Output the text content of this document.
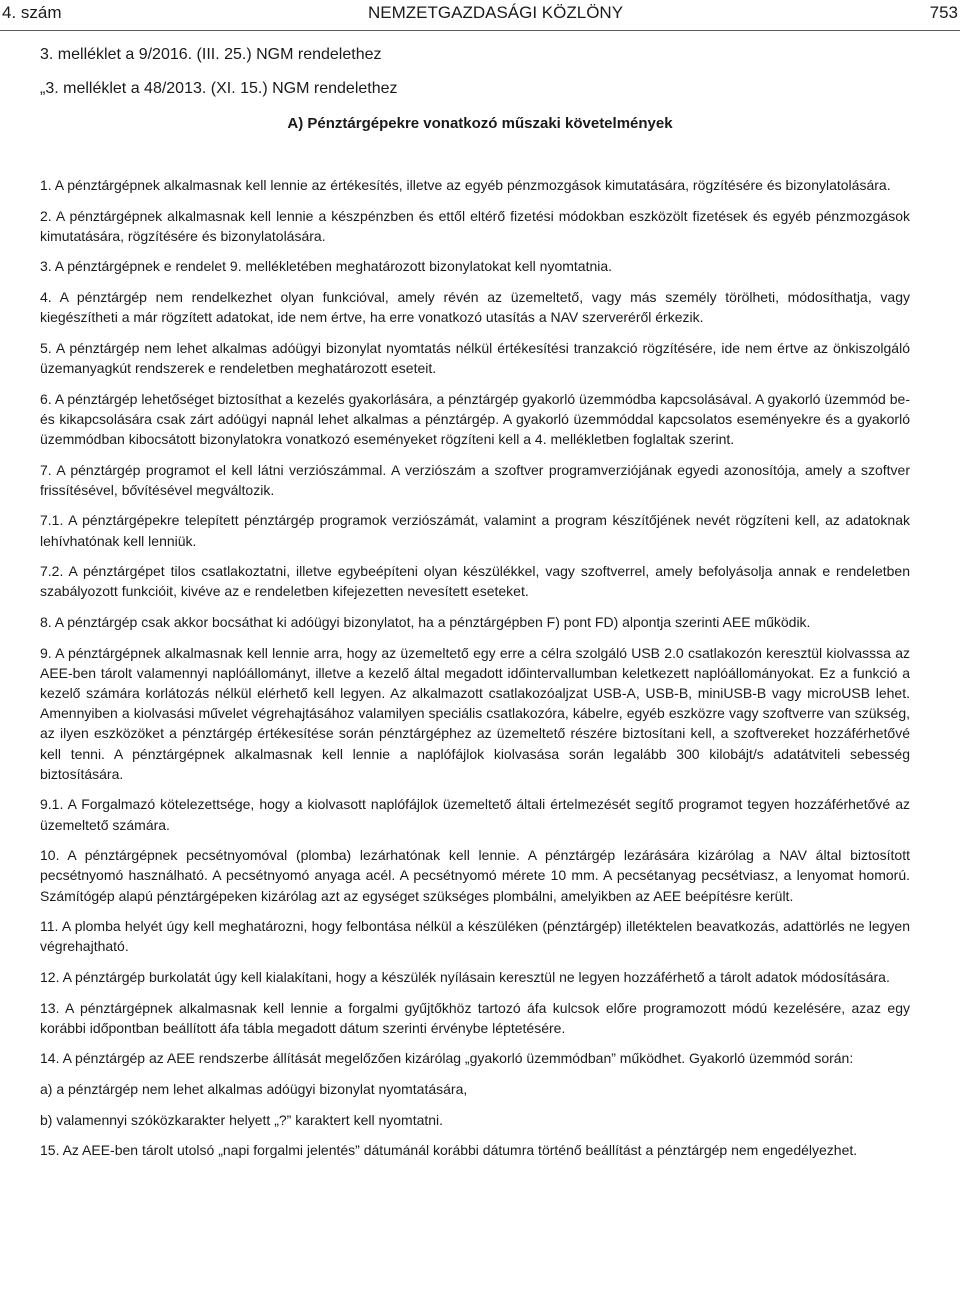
4. szám	NEMZETGAZDASÁGI KÖZLÖNY	753
3. melléklet a 9/2016. (III. 25.) NGM rendelethez
„3. melléklet a 48/2013. (XI. 15.) NGM rendelethez
A) Pénztárgépekre vonatkozó műszaki követelmények

1. A pénztárgépnek alkalmasnak kell lennie az értékesítés, illetve az egyéb pénzmozgások kimutatására, rögzítésére és bizonylatolására.

2. A pénztárgépnek alkalmasnak kell lennie a készpénzben és ettől eltérő fizetési módokban eszközölt fizetések és egyéb pénzmozgások kimutatására, rögzítésére és bizonylatolására.

3. A pénztárgépnek e rendelet 9. mellékletében meghatározott bizonylatokat kell nyomtatnia.

4. A pénztárgép nem rendelkezhet olyan funkcióval, amely révén az üzemeltető, vagy más személy törölheti, módosíthatja, vagy kiegészítheti a már rögzített adatokat, ide nem értve, ha erre vonatkozó utasítás a NAV szerveréről érkezik.

5. A pénztárgép nem lehet alkalmas adóügyi bizonylat nyomtatás nélkül értékesítési tranzakció rögzítésére, ide nem értve az önkiszolgáló üzemanyagkút rendszerek e rendeletben meghatározott eseteit.

6. A pénztárgép lehetőséget biztosíthat a kezelés gyakorlására, a pénztárgép gyakorló üzemmódba kapcsolásával. A gyakorló üzemmód be- és kikapcsolására csak zárt adóügyi napnál lehet alkalmas a pénztárgép. A gyakorló üzemmóddal kapcsolatos eseményekre és a gyakorló üzemmódban kibocsátott bizonylatokra vonatkozó eseményeket rögzíteni kell a 4. mellékletben foglaltak szerint.

7. A pénztárgép programot el kell látni verziószámmal. A verziószám a szoftver programverziójának egyedi azonosítója, amely a szoftver frissítésével, bővítésével megváltozik.

7.1. A pénztárgépekre telepített pénztárgép programok verziószámát, valamint a program készítőjének nevét rögzíteni kell, az adatoknak lehívhatónak kell lenniük.

7.2. A pénztárgépet tilos csatlakoztatni, illetve egybeépíteni olyan készülékkel, vagy szoftverrel, amely befolyásolja annak e rendeletben szabályozott funkcióit, kivéve az e rendeletben kifejezetten nevesített eseteket.

8. A pénztárgép csak akkor bocsáthat ki adóügyi bizonylatot, ha a pénztárgépben F) pont FD) alpontja szerinti AEE működik.

9. A pénztárgépnek alkalmasnak kell lennie arra, hogy az üzemeltető egy erre a célra szolgáló USB 2.0 csatlakozón keresztül kiolvasssa az AEE-ben tárolt valamennyi naplóállományt, illetve a kezelő által megadott időintervallumban keletkezett naplóállományokat. Ez a funkció a kezelő számára korlátozás nélkül elérhető kell legyen. Az alkalmazott csatlakozóaljzat USB-A, USB-B, miniUSB-B vagy microUSB lehet. Amennyiben a kiolvasási művelet végrehajtásához valamilyen speciális csatlakozóra, kábelre, egyéb eszközre vagy szoftverre van szükség, az ilyen eszközöket a pénztárgép értékesítése során pénztárgéphez az üzemeltető részére biztosítani kell, a szoftvereket hozzáférhetővé kell tenni. A pénztárgépnek alkalmasnak kell lennie a naplófájlok kiolvasása során legalább 300 kilobájt/s adatátviteli sebesség biztosítására.

9.1. A Forgalmazó kötelezettsége, hogy a kiolvasott naplófájlok üzemeltető általi értelmezését segítő programot tegyen hozzáférhetővé az üzemeltető számára.

10. A pénztárgépnek pecsétnyomóval (plomba) lezárhatónak kell lennie. A pénztárgép lezárására kizárólag a NAV által biztosított pecsétnyomó használható. A pecsétnyomó anyaga acél. A pecsétnyomó mérete 10 mm. A pecsétanyag pecsétviasz, a lenyomat homorú. Számítógép alapú pénztárgépeken kizárólag azt az egységet szükséges plombálni, amelyikben az AEE beépítésre került.

11. A plomba helyét úgy kell meghatározni, hogy felbontása nélkül a készüléken (pénztárgép) illetéktelen beavatkozás, adattörlés ne legyen végrehajtható.

12. A pénztárgép burkolatát úgy kell kialakítani, hogy a készülék nyílásain keresztül ne legyen hozzáférhető a tárolt adatok módosítására.

13. A pénztárgépnek alkalmasnak kell lennie a forgalmi gyűjtőkhöz tartozó áfa kulcsok előre programozott módú kezelésére, azaz egy korábbi időpontban beállított áfa tábla megadott dátum szerinti érvénybe léptetésére.

14. A pénztárgép az AEE rendszerbe állítását megelőzően kizárólag „gyakorló üzemmódban” működhet. Gyakorló üzemmód során:

a) a pénztárgép nem lehet alkalmas adóügyi bizonylat nyomtatására,

b) valamennyi szóközkarakter helyett „?” karaktert kell nyomtatni.

15. Az AEE-ben tárolt utolsó „napi forgalmi jelentés” dátumánál korábbi dátumra történő beállítást a pénztárgép nem engedélyezhet.
